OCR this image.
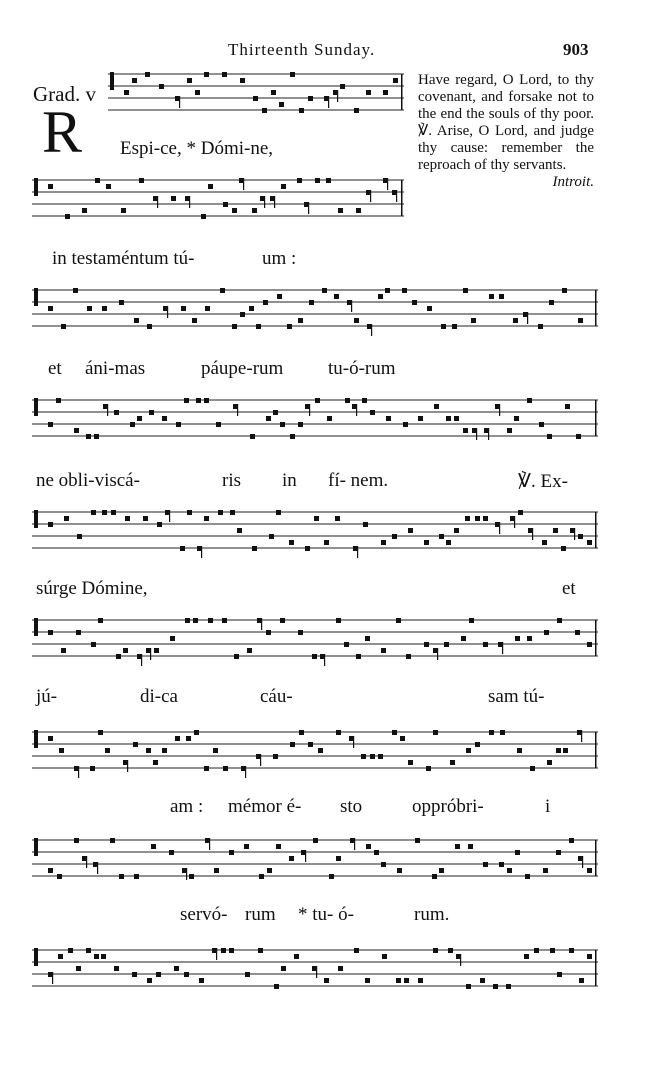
Thirteenth Sunday.	903
Grad. v
R Espi-ce, * Dómi-ne,
Have regard, O Lord, to thy covenant, and forsake not to the end the souls of thy poor. ℣. Arise, O Lord, and judge thy cause: remember the reproach of thy servants.
Introit.
in testaméntum tú-	um :
et áni-mas	páupe-rum tu-ó-rum
ne obli-viscá-	ris in fí- nem.	℣. Ex-
súrge Dómine,	et
jú-	di-ca	cáu-	sam tú-
am : mémor é- sto	oppróbri-	i
servó- rum * tu- ó-	rum.
